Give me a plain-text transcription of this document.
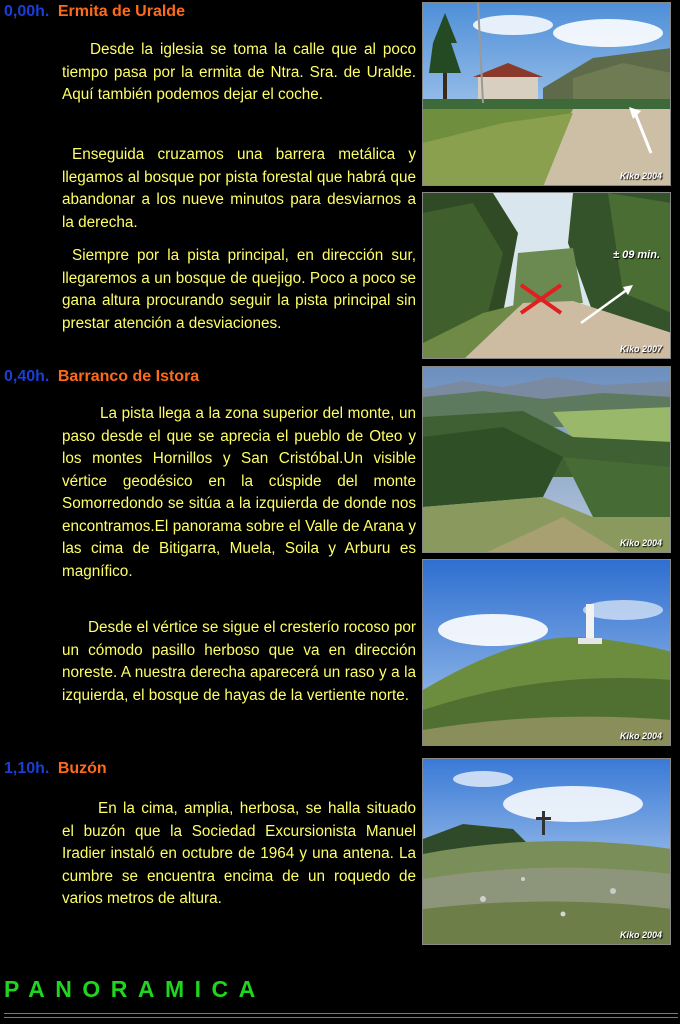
0,00h. Ermita de Uralde

Desde la iglesia se toma la calle que al poco tiempo pasa por la ermita de Ntra. Sra. de Uralde. Aquí también podemos dejar el coche.

Enseguida cruzamos una barrera metálica y llegamos al bosque por pista forestal que habrá que abandonar a los nueve minutos para desviarnos a la derecha.

Siempre por la pista principal, en dirección sur, llegaremos a un bosque de quejigo. Poco a poco se gana altura procurando seguir la pista principal sin prestar atención a desviaciones.

0,40h. Barranco de Istora

La pista llega a la zona superior del monte, un paso desde el que se aprecia el pueblo de Oteo y los montes Hornillos y San Cristóbal.Un visible vértice geodésico en la cúspide del monte Somorredondo se sitúa a la izquierda de donde nos encontramos.El panorama sobre el Valle de Arana y las cima de Bitigarra, Muela, Soila y Arburu es magnífico.

Desde el vértice se sigue el cresterío rocoso por un cómodo pasillo herboso que va en dirección noreste. A nuestra derecha aparecerá un raso y a la izquierda, el bosque de hayas de la vertiente norte.

1,10h. Buzón

En la cima, amplia, herbosa, se halla situado el buzón que la Sociedad Excursionista Manuel Iradier instaló en octubre de 1964 y una antena. La cumbre se encuentra encima de un roquedo de varios metros de altura.

Kiko 2004
± 09 min.
Kiko 2007
Kiko 2004
Kiko 2004
Kiko 2004
PANORAMICA
